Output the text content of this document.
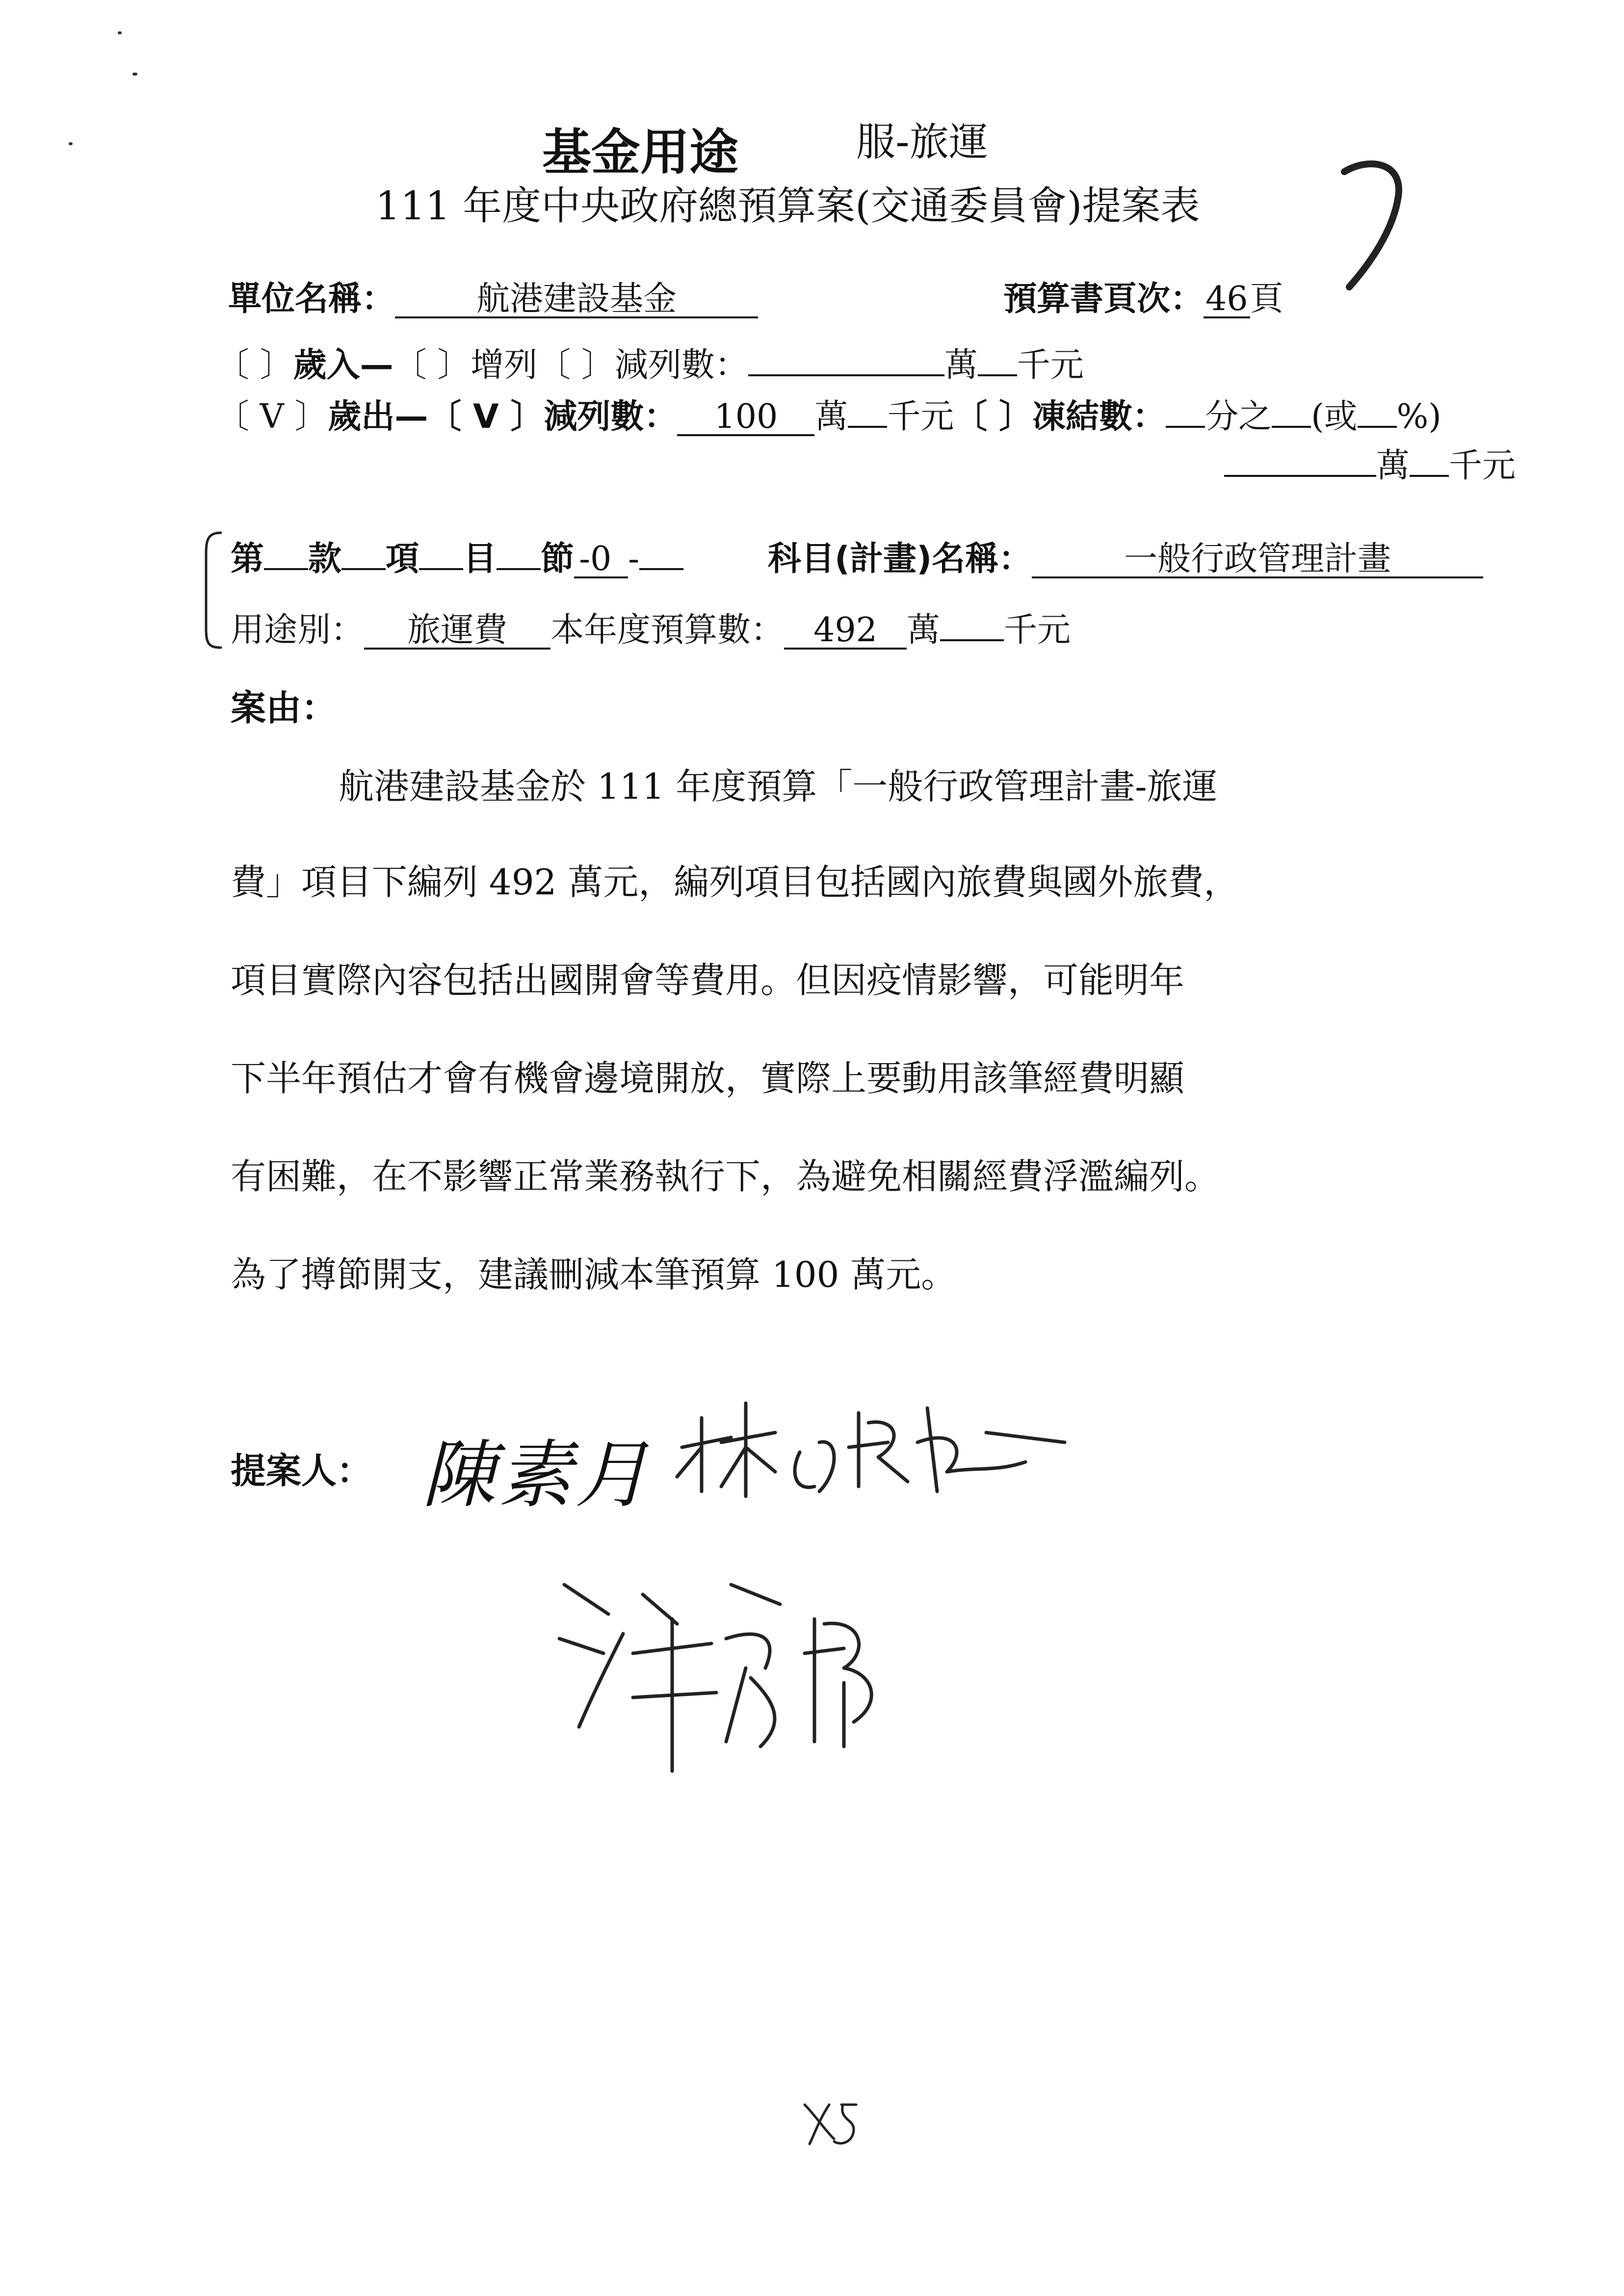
基金用途	服-旅運
111 年度中央政府總預算案(交通委員會)提案表
單位名稱： 航港建設基金	預算書頁次：46頁
〔 〕歲入—〔 〕增列〔 〕減列數：	萬 千元
〔 V 〕歲出—〔 V 〕減列數： 100 萬 千元〔 〕凍結數： 分之 (或 %)
萬 千元
第 款 項 目 節 -0 -	科目(計畫)名稱：	一般行政管理計畫
用途別： 旅運費 本年度預算數： 492 萬 千元
案由：
航港建設基金於 111 年度預算「一般行政管理計畫-旅運
費」項目下編列 492 萬元，編列項目包括國內旅費與國外旅費，
項目實際內容包括出國開會等費用。但因疫情影響，可能明年
下半年預估才會有機會邊境開放，實際上要動用該筆經費明顯
有困難，在不影響正常業務執行下，為避免相關經費浮濫編列。
為了撙節開支，建議刪減本筆預算 100 萬元。
提案人： 陳素月
